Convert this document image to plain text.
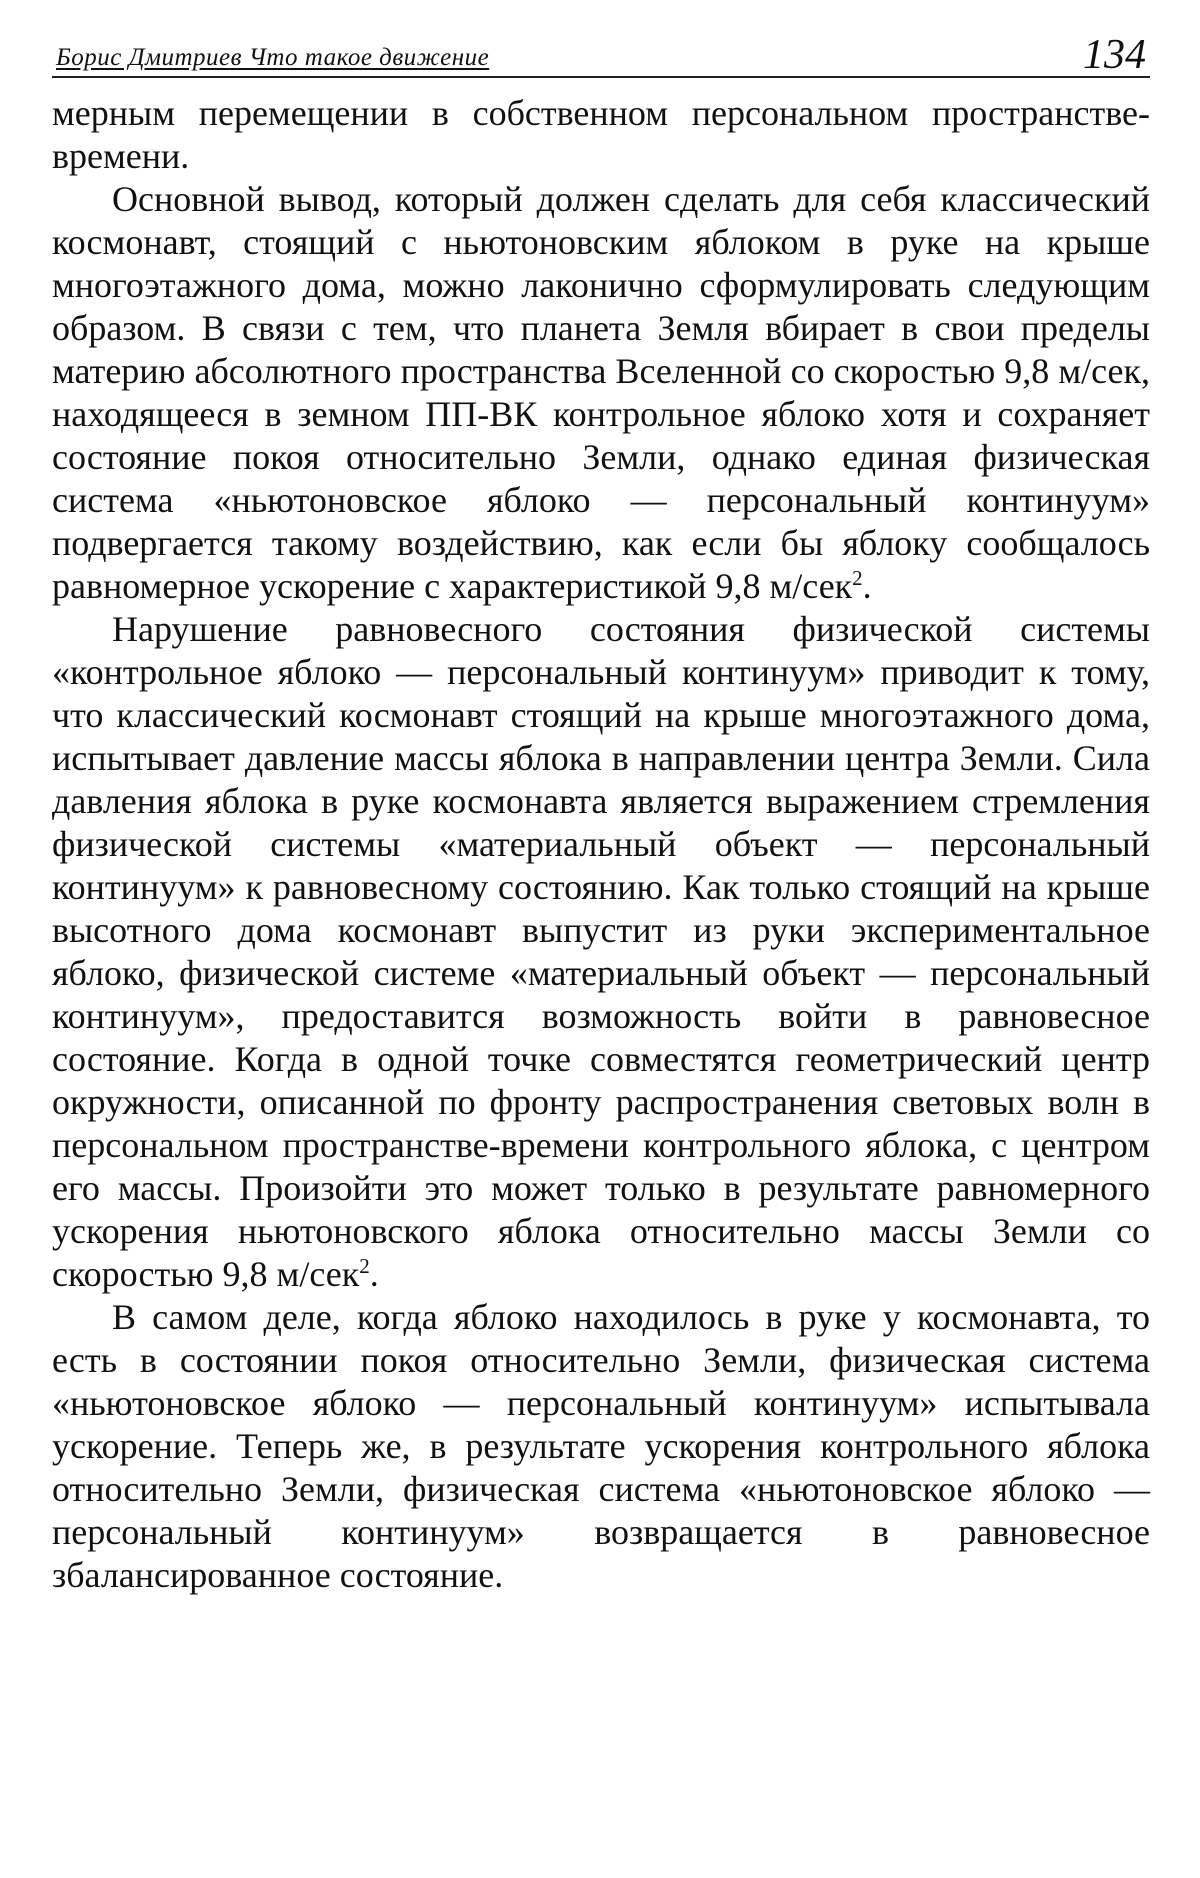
Борис Дмитриев Что такое движение	134

мерным перемещении в собственном персональном пространстве-времени.

Основной вывод, который должен сделать для себя классический космонавт, стоящий с ньютоновским яблоком в руке на крыше многоэтажного дома, можно лаконично сформулировать следующим образом. В связи с тем, что планета Земля вбирает в свои пределы материю абсолютного пространства Вселенной со скоростью 9,8 м/сек, находящееся в земном ПП-ВК контрольное яблоко хотя и сохраняет состояние покоя относительно Земли, однако единая физическая система «ньютоновское яблоко — персональный континуум» подвергается такому воздействию, как если бы яблоку сообщалось равномерное ускорение с характеристикой 9,8 м/сек$^2$.

Нарушение равновесного состояния физической системы «контрольное яблоко — персональный континуум» приводит к тому, что классический космонавт стоящий на крыше многоэтажного дома, испытывает давление массы яблока в направлении центра Земли. Сила давления яблока в руке космонавта является выражением стремления физической системы «материальный объект — персональный континуум» к равновесному состоянию. Как только стоящий на крыше высотного дома космонавт выпустит из руки экспериментальное яблоко, физической системе «материальный объект — персональный континуум», предоставится возможность войти в равновесное состояние. Когда в одной точке совместятся геометрический центр окружности, описанной по фронту распространения световых волн в персональном пространстве-времени контрольного яблока, с центром его массы. Произойти это может только в результате равномерного ускорения ньютоновского яблока относительно массы Земли со скоростью 9,8 м/сек$^2$.

В самом деле, когда яблоко находилось в руке у космонавта, то есть в состоянии покоя относительно Земли, физическая система «ньютоновское яблоко — персональный континуум» испытывала ускорение. Теперь же, в результате ускорения контрольного яблока относительно Земли, физическая система «ньютоновское яблоко — персональный континуум» возвращается в равновесное збалансированное состояние.
